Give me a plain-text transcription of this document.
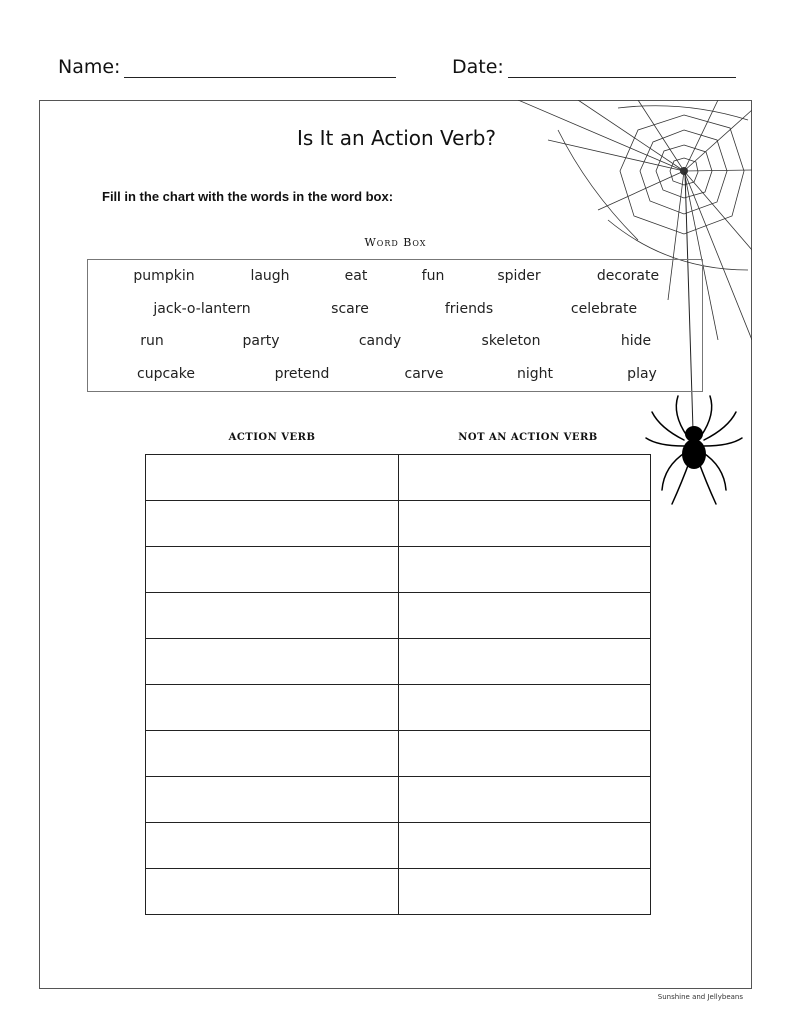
Name:	Date:
Is It an Action Verb?
Fill in the chart with the words in the word box:
Word Box
pumpkin	laugh	eat	fun	spider	decorate
jack-o-lantern	scare	friends	celebrate
run	party	candy	skeleton	hide
cupcake	pretend	carve	night	play
ACTION VERB	NOT AN ACTION VERB

Sunshine and Jellybeans
